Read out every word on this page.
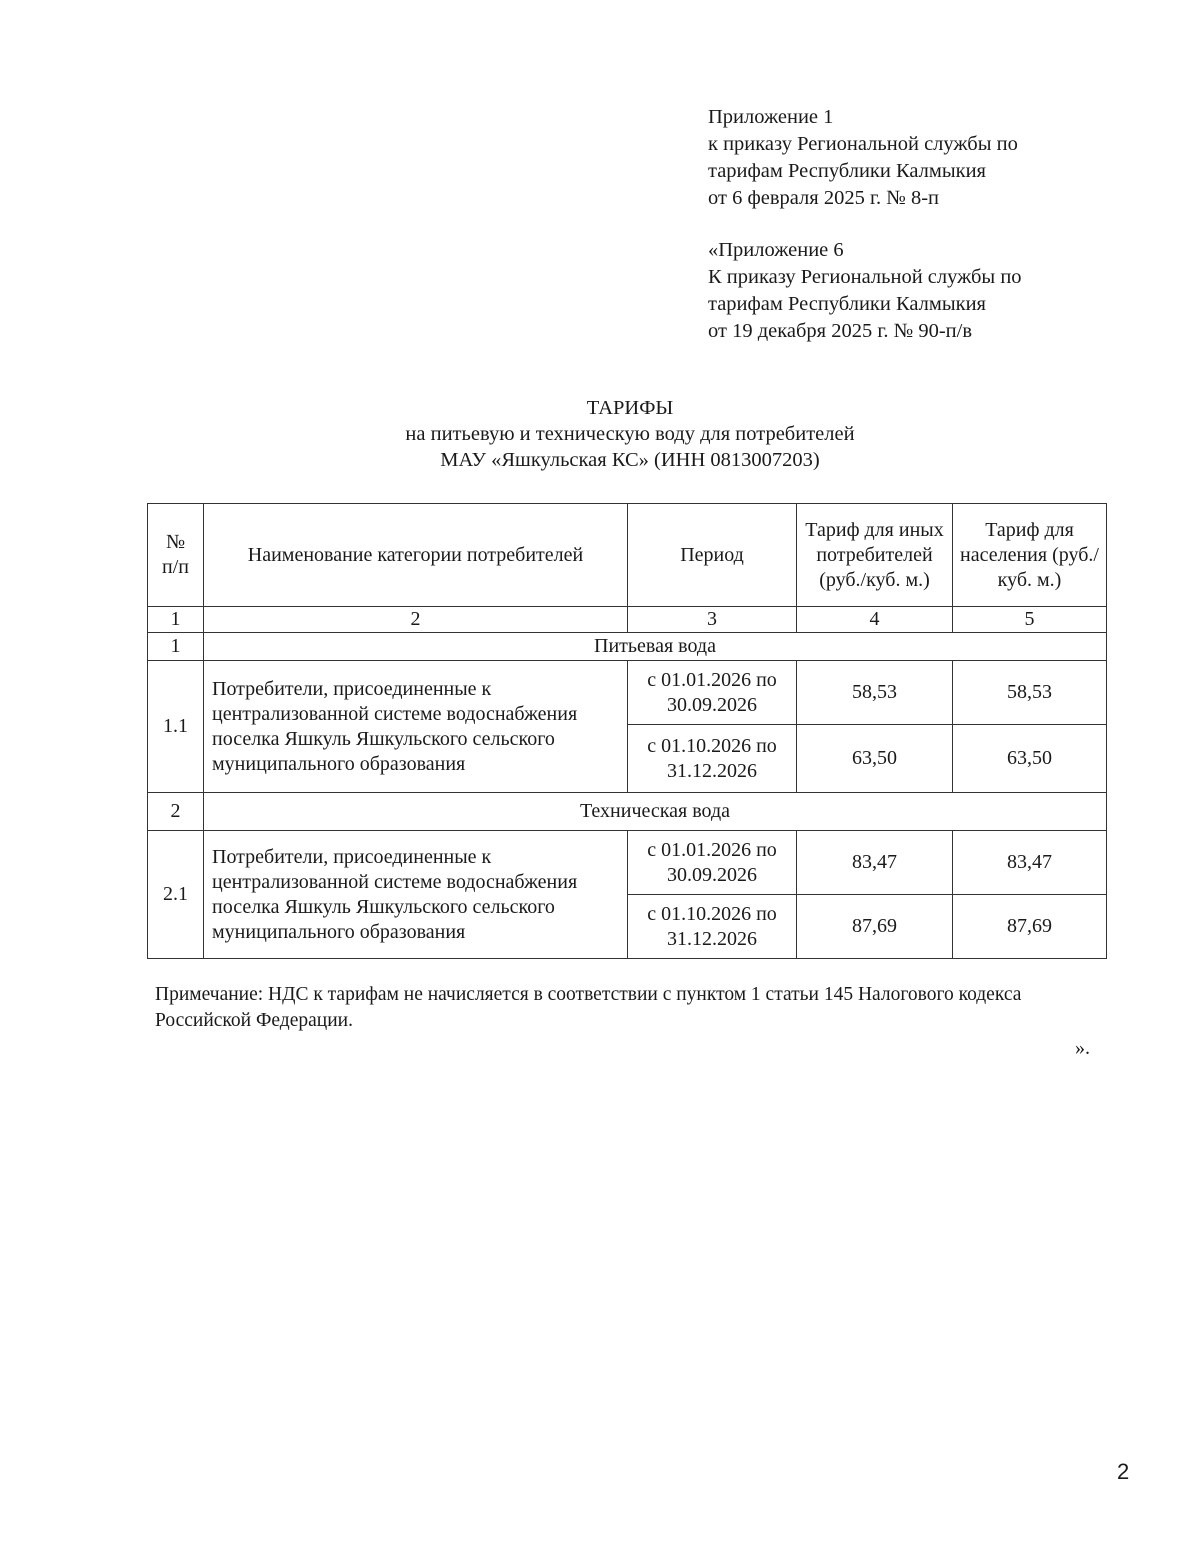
Приложение 1
к приказу Региональной службы по
тарифам Республики Калмыкия
от 6 февраля 2025 г. № 8-п
«Приложение 6
К приказу Региональной службы по
тарифам Республики Калмыкия
от 19 декабря 2025 г. № 90-п/в
ТАРИФЫ
на питьевую и техническую воду для потребителей
МАУ «Яшкульская КС» (ИНН 0813007203)
№ п/п	Наименование категории потребителей	Период	Тариф для иных потребителей (руб./куб. м.)	Тариф для населения (руб./куб. м.)
1	2	3	4	5
1	Питьевая вода			
1.1	Потребители, присоединенные к централизованной системе водоснабжения поселка Яшкуль Яшкульского сельского муниципального образования	с 01.01.2026 по 30.09.2026	58,53	58,53
		с 01.10.2026 по 31.12.2026	63,50	63,50
2	Техническая вода			
2.1	Потребители, присоединенные к централизованной системе водоснабжения поселка Яшкуль Яшкульского сельского муниципального образования	с 01.01.2026 по 30.09.2026	83,47	83,47
		с 01.10.2026 по 31.12.2026	87,69	87,69
Примечание: НДС к тарифам не начисляется в соответствии с пунктом 1 статьи 145 Налогового кодекса Российской Федерации.
».
2
